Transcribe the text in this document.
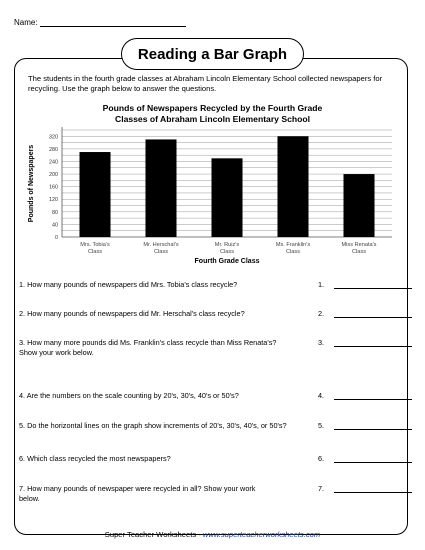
Name:
Reading a Bar Graph

The students in the fourth grade classes at Abraham Lincoln Elementary School collected newspapers for recycling. Use the graph below to answer the questions.

Pounds of Newspapers Recycled by the Fourth Grade
Classes of Abraham Lincoln Elementary School
0
40
80
120
160
200
240
280
320
Mrs. Tobia's
Class
Mr. Herschal's
Class
Mr. Ruiz's
Class
Ms. Franklin's
Class
Miss Renata's
Class
Fourth Grade Class
Pounds of Newspapers
1. How many pounds of newspapers did Mrs. Tobia's class recycle?	1.
2. How many pounds of newspapers did Mr. Herschal's class recycle?	2.
3. How many more pounds did Ms. Franklin's class recycle than Miss Renata's? Show your work below.
3.
4. Are the numbers on the scale counting by 20's, 30's, 40's or 50's?	4.
5. Do the horizontal lines on the graph show increments of 20's, 30's, 40's, or 50's?	5.
6. Which class recycled the most newspapers?	6.
7. How many pounds of newspaper were recycled in all? Show your work below.
7.
Super Teacher Worksheets - www.superteacherworksheets.com
